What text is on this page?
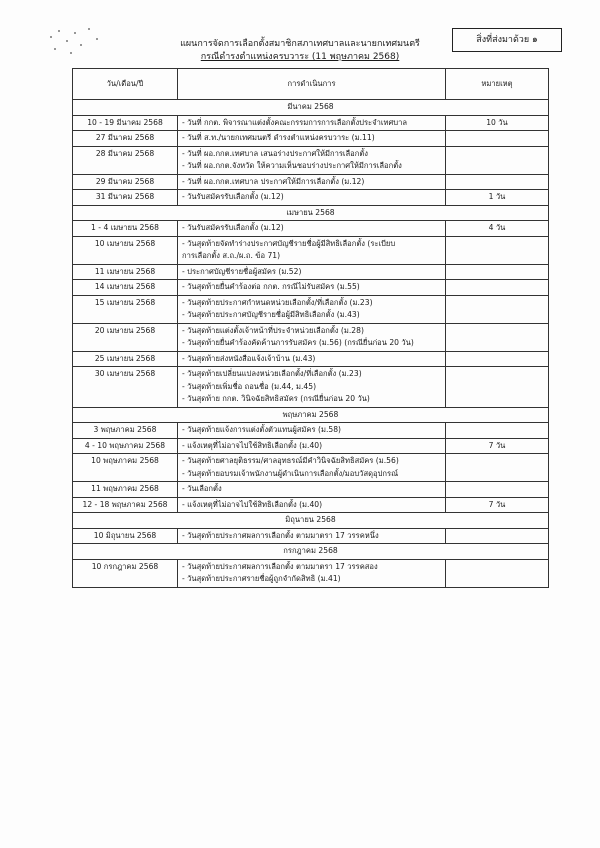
สิ่งที่ส่งมาด้วย ๑
แผนการจัดการเลือกตั้งสมาชิกสภาเทศบาลและนายกเทศมนตรี
กรณีดำรงตำแหน่งครบวาระ (11 พฤษภาคม 2568)
วัน/เดือน/ปี	การดำเนินการ	หมายเหตุ
มีนาคม 2568		
10 - 19 มีนาคม 2568	- วันที่ กกต. พิจารณาแต่งตั้งคณะกรรมการการเลือกตั้งประจำเทศบาล	10 วัน
27 มีนาคม 2568	- วันที่ ส.ท./นายกเทศมนตรี ดำรงตำแหน่งครบวาระ (ม.11)	

28 มีนาคม 2568	- วันที่ ผอ.กกต.เทศบาล เสนอร่างประกาศให้มีการเลือกตั้ง
- วันที่ ผอ.กกต.จังหวัด ให้ความเห็นชอบร่างประกาศให้มีการเลือกตั้ง	

29 มีนาคม 2568	- วันที่ ผอ.กกต.เทศบาล ประกาศให้มีการเลือกตั้ง (ม.12)	

31 มีนาคม 2568	- วันรับสมัครรับเลือกตั้ง (ม.12)	1 วัน
เมษายน 2568		
1 - 4 เมษายน 2568	- วันรับสมัครรับเลือกตั้ง (ม.12)	4 วัน
10 เมษายน 2568	- วันสุดท้ายจัดทำร่างประกาศบัญชีรายชื่อผู้มีสิทธิเลือกตั้ง (ระเบียบ
การเลือกตั้ง ส.ถ./ผ.ถ. ข้อ 71)	

11 เมษายน 2568	- ประกาศบัญชีรายชื่อผู้สมัคร (ม.52)	

14 เมษายน 2568	- วันสุดท้ายยื่นคำร้องต่อ กกต. กรณีไม่รับสมัคร (ม.55)	

15 เมษายน 2568	- วันสุดท้ายประกาศกำหนดหน่วยเลือกตั้ง/ที่เลือกตั้ง (ม.23)
- วันสุดท้ายประกาศบัญชีรายชื่อผู้มีสิทธิเลือกตั้ง (ม.43)	

20 เมษายน 2568	- วันสุดท้ายแต่งตั้งเจ้าหน้าที่ประจำหน่วยเลือกตั้ง (ม.28)
- วันสุดท้ายยื่นคำร้องคัดค้านการรับสมัคร (ม.56) (กรณียื่นก่อน 20 วัน)	

25 เมษายน 2568	- วันสุดท้ายส่งหนังสือแจ้งเจ้าบ้าน (ม.43)	

30 เมษายน 2568	- วันสุดท้ายเปลี่ยนแปลงหน่วยเลือกตั้ง/ที่เลือกตั้ง (ม.23)
- วันสุดท้ายเพิ่มชื่อ ถอนชื่อ (ม.44, ม.45)
- วันสุดท้าย กกต. วินิจฉัยสิทธิสมัคร (กรณียื่นก่อน 20 วัน)	

พฤษภาคม 2568		
3 พฤษภาคม 2568	- วันสุดท้ายแจ้งการแต่งตั้งตัวแทนผู้สมัคร (ม.58)	

4 - 10 พฤษภาคม 2568	- แจ้งเหตุที่ไม่อาจไปใช้สิทธิเลือกตั้ง (ม.40)	7 วัน
10 พฤษภาคม 2568	- วันสุดท้ายศาลยุติธรรม/ศาลอุทธรณ์มีคำวินิจฉัยสิทธิสมัคร (ม.56)
- วันสุดท้ายอบรมเจ้าพนักงานผู้ดำเนินการเลือกตั้ง/มอบวัสดุอุปกรณ์	

11 พฤษภาคม 2568	- วันเลือกตั้ง	

12 - 18 พฤษภาคม 2568	- แจ้งเหตุที่ไม่อาจไปใช้สิทธิเลือกตั้ง (ม.40)	7 วัน
มิถุนายน 2568		
10 มิถุนายน 2568	- วันสุดท้ายประกาศผลการเลือกตั้ง ตามมาตรา 17 วรรคหนึ่ง	

กรกฎาคม 2568		
10 กรกฎาคม 2568	- วันสุดท้ายประกาศผลการเลือกตั้ง ตามมาตรา 17 วรรคสอง
- วันสุดท้ายประกาศรายชื่อผู้ถูกจำกัดสิทธิ (ม.41)	
